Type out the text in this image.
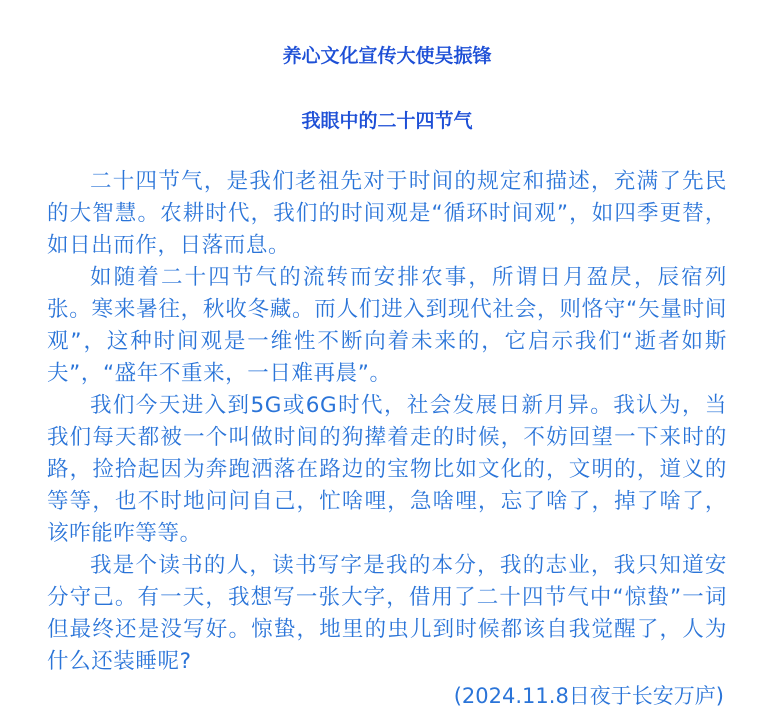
养心文化宣传大使吴振锋
我眼中的二十四节气

二十四节气，是我们老祖先对于时间的规定和描述，充满了先民的大智慧。农耕时代，我们的时间观是“循环时间观”，如四季更替，如日出而作，日落而息。

如随着二十四节气的流转而安排农事，所谓日月盈昃，辰宿列张。寒来暑往，秋收冬藏。而人们进入到现代社会，则恪守“矢量时间观”，这种时间观是一维性不断向着未来的，它启示我们“逝者如斯夫”，“盛年不重来，一日难再晨”。

我们今天进入到5G或6G时代，社会发展日新月异。我认为，当我们每天都被一个叫做时间的狗撵着走的时候，不妨回望一下来时的路，捡拾起因为奔跑洒落在路边的宝物比如文化的，文明的，道义的等等，也不时地问问自己，忙啥哩，急啥哩，忘了啥了，掉了啥了，该咋能咋等等。

我是个读书的人，读书写字是我的本分，我的志业，我只知道安分守己。有一天，我想写一张大字，借用了二十四节气中“惊蛰”一词但最终还是没写好。惊蛰，地里的虫儿到时候都该自我觉醒了，人为什么还装睡呢?

(2024.11.8日夜于长安万庐)
